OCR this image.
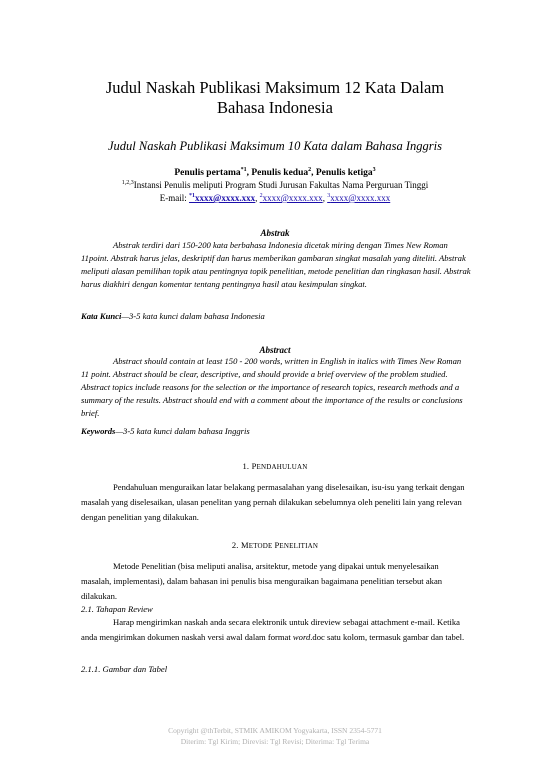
Judul Naskah Publikasi Maksimum 12 Kata Dalam
Bahasa Indonesia
Judul Naskah Publikasi Maksimum 10 Kata dalam Bahasa Inggris
Penulis pertama$^{*1}$, Penulis kedua$^2$, Penulis ketiga$^3$
$^{1,2,3}$Instansi Penulis meliputi Program Studi Jurusan Fakultas Nama Perguruan Tinggi
E-mail: $^{*1}$xxxx@xxxx.xxx, $^2$xxxx@xxxx.xxx, $^3$xxxx@xxxx.xxx
Abstrak

Abstrak terdiri dari 150-200 kata berbahasa Indonesia dicetak miring dengan Times New Roman 11point. Abstrak harus jelas, deskriptif dan harus memberikan gambaran singkat masalah yang diteliti. Abstrak meliputi alasan pemilihan topik atau pentingnya topik penelitian, metode penelitian dan ringkasan hasil. Abstrak harus diakhiri dengan komentar tentang pentingnya hasil atau kesimpulan singkat.

Kata Kunci—3-5 kata kunci dalam bahasa Indonesia
Abstract

Abstract should contain at least 150 - 200 words, written in English in italics with Times New Roman 11 point. Abstract should be clear, descriptive, and should provide a brief overview of the problem studied. Abstract topics include reasons for the selection or the importance of research topics, research methods and a summary of the results. Abstract should end with a comment about the importance of the results or conclusions brief.

Keywords—3-5 kata kunci dalam bahasa Inggris
1. PENDAHULUAN

Pendahuluan menguraikan latar belakang permasalahan yang diselesaikan, isu-isu yang terkait dengan masalah yang diselesaikan, ulasan penelitan yang pernah dilakukan sebelumnya oleh peneliti lain yang relevan dengan penelitian yang dilakukan.

2. METODE PENELITIAN

Metode Penelitian (bisa meliputi analisa, arsitektur, metode yang dipakai untuk menyelesaikan masalah, implementasi), dalam bahasan ini penulis bisa menguraikan bagaimana penelitian tersebut akan dilakukan.

2.1. Tahapan Review

Harap mengirimkan naskah anda secara elektronik untuk direview sebagai attachment e-mail. Ketika anda mengirimkan dokumen naskah versi awal dalam format word.doc satu kolom, termasuk gambar dan tabel.

2.1.1. Gambar dan Tabel
Copyright @thTerbit, STMIK AMIKOM Yogyakarta, ISSN 2354-5771
Diterim: Tgl Kirim; Direvisi: Tgl Revisi; Diterima: Tgl Terima
